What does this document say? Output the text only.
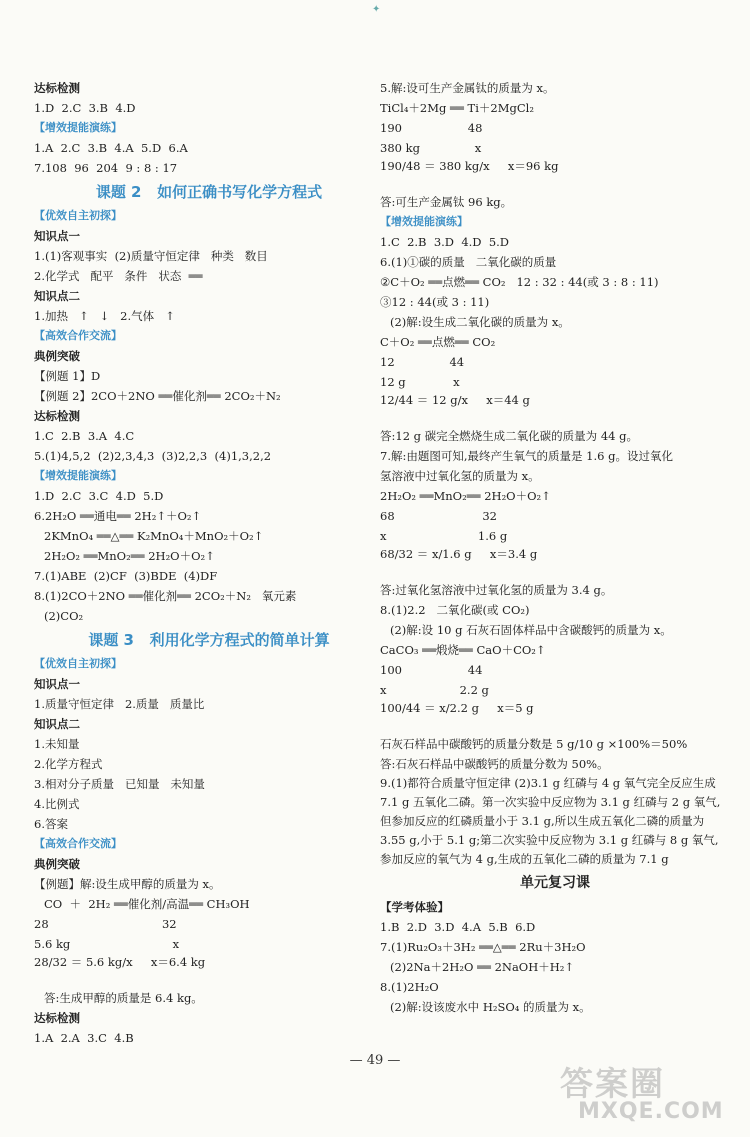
✦
达标检测
1.D  2.C  3.B  4.D
【增效提能演练】
1.A  2.C  3.B  4.A  5.D  6.A
7.108  96  204  9 : 8 : 17
课题 2   如何正确书写化学方程式
【优效自主初探】
知识点一
1.(1)客观事实  (2)质量守恒定律   种类   数目
2.化学式   配平   条件   状态  ══
知识点二
1.加热   ↑   ↓   2.气体   ↑
【高效合作交流】
典例突破
【例题 1】D
【例题 2】2CO＋2NO ══催化剂══ 2CO₂＋N₂
达标检测
1.C  2.B  3.A  4.C
5.(1)4,5,2  (2)2,3,4,3  (3)2,2,3  (4)1,3,2,2
【增效提能演练】
1.D  2.C  3.C  4.D  5.D
6.2H₂O ══通电══ 2H₂↑＋O₂↑
2KMnO₄ ══△══ K₂MnO₄＋MnO₂＋O₂↑
2H₂O₂ ══MnO₂══ 2H₂O＋O₂↑
7.(1)ABE  (2)CF  (3)BDE  (4)DF
8.(1)2CO＋2NO ══催化剂══ 2CO₂＋N₂   氧元素
(2)CO₂
课题 3   利用化学方程式的简单计算
【优效自主初探】
知识点一
1.质量守恒定律   2.质量   质量比
知识点二
1.未知量
2.化学方程式
3.相对分子质量   已知量   未知量
4.比例式
6.答案
【高效合作交流】
典例突破
【例题】解:设生成甲醇的质量为 x。
CO  ＋  2H₂ ══催化剂/高温══ CH₃OH
28                               32
5.6 kg                            x
28/32 ＝ 5.6 kg/x     x＝6.4 kg
答:生成甲醇的质量是 6.4 kg。
达标检测
1.A  2.A  3.C  4.B
5.解:设可生产金属钛的质量为 x。
TiCl₄＋2Mg ══ Ti＋2MgCl₂
190                  48
380 kg               x
190/48 ＝ 380 kg/x     x＝96 kg
答:可生产金属钛 96 kg。
【增效提能演练】
1.C  2.B  3.D  4.D  5.D
6.(1)①碳的质量   二氧化碳的质量
②C＋O₂ ══点燃══ CO₂   12 : 32 : 44(或 3 : 8 : 11)
③12 : 44(或 3 : 11)
(2)解:设生成二氧化碳的质量为 x。
C＋O₂ ══点燃══ CO₂
12               44
12 g             x
12/44 ＝ 12 g/x     x＝44 g
答:12 g 碳完全燃烧生成二氧化碳的质量为 44 g。
7.解:由题图可知,最终产生氧气的质量是 1.6 g。设过氧化
氢溶液中过氧化氢的质量为 x。
2H₂O₂ ══MnO₂══ 2H₂O＋O₂↑
68                        32
x                         1.6 g
68/32 ＝ x/1.6 g     x＝3.4 g
答:过氧化氢溶液中过氧化氢的质量为 3.4 g。
8.(1)2.2   二氧化碳(或 CO₂)
(2)解:设 10 g 石灰石固体样品中含碳酸钙的质量为 x。
CaCO₃ ══煅烧══ CaO＋CO₂↑
100                  44
x                    2.2 g
100/44 ＝ x/2.2 g     x＝5 g
石灰石样品中碳酸钙的质量分数是 5 g/10 g ×100%＝50%
答:石灰石样品中碳酸钙的质量分数为 50%。
9.(1)都符合质量守恒定律 (2)3.1 g 红磷与 4 g 氧气完全反应生成 7.1 g 五氧化二磷。第一次实验中反应物为 3.1 g 红磷与 2 g 氧气,但参加反应的红磷质量小于 3.1 g,所以生成五氧化二磷的质量为 3.55 g,小于 5.1 g;第二次实验中反应物为 3.1 g 红磷与 8 g 氧气,参加反应的氧气为 4 g,生成的五氧化二磷的质量为 7.1 g
单元复习课
【学考体验】
1.B  2.D  3.D  4.A  5.B  6.D
7.(1)Ru₂O₃＋3H₂ ══△══ 2Ru＋3H₂O
(2)2Na＋2H₂O ══ 2NaOH＋H₂↑
8.(1)2H₂O
(2)解:设该废水中 H₂SO₄ 的质量为 x。
— 49 —
答案圈
MXQE.COM
